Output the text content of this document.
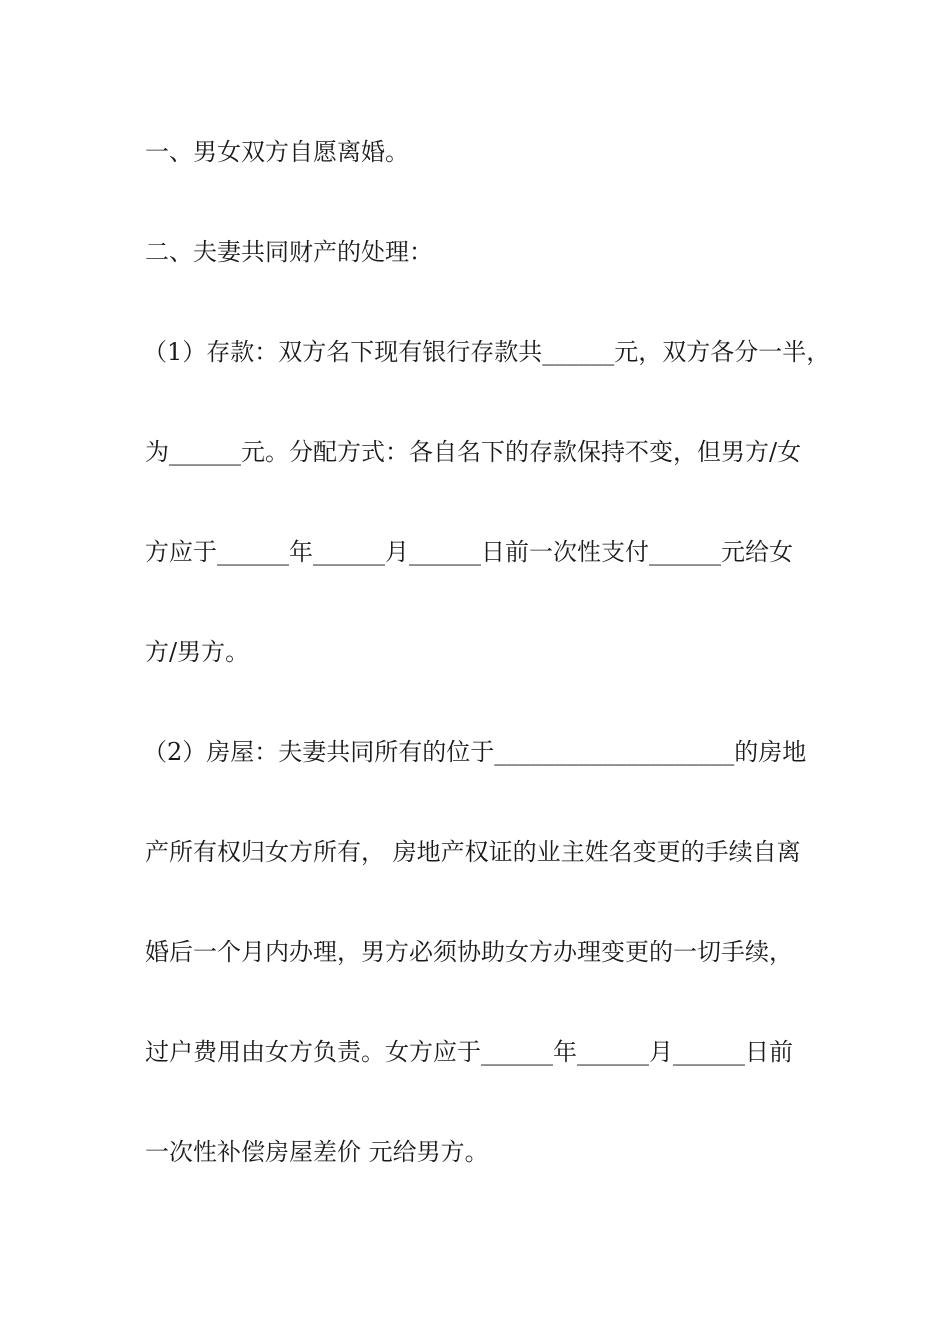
一、男女双方自愿离婚。
二、夫妻共同财产的处理：
（1）存款：双方名下现有银行存款共______元，双方各分一半，
为______元。分配方式：各自名下的存款保持不变，但男方/女
方应于______年______月______日前一次性支付______元给女
方/男方。
（2）房屋：夫妻共同所有的位于____________________的房地
产所有权归女方所有， 房地产权证的业主姓名变更的手续自离
婚后一个月内办理，男方必须协助女方办理变更的一切手续，
过户费用由女方负责。女方应于______年______月______日前
一次性补偿房屋差价 元给男方。
